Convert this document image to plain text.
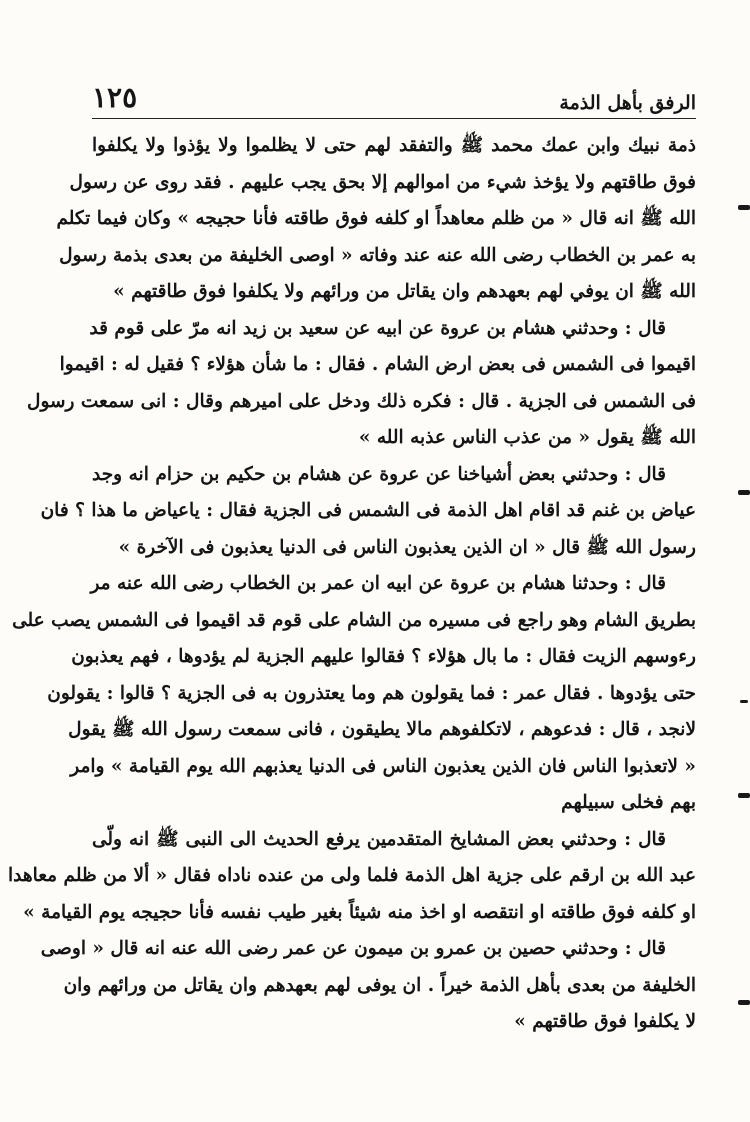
الرفق بأهل الذمة
١٢٥
ذمة نبيك وابن عمك محمد ﷺ والتفقد لهم حتى لا يظلموا ولا يؤذوا ولا يكلفوا
فوق طاقتهم ولا يؤخذ شيء من اموالهم إلا بحق يجب عليهم . فقد روى عن رسول
الله ﷺ انه قال « من ظلم معاهداً او كلفه فوق طاقته فأنا حجيجه » وكان فيما تكلم
به عمر بن الخطاب رضى الله عنه عند وفاته « اوصى الخليفة من بعدى بذمة رسول
الله ﷺ ان يوفي لهم بعهدهم وان يقاتل من ورائهم ولا يكلفوا فوق طاقتهم »
قال : وحدثني هشام بن عروة عن ابيه عن سعيد بن زيد انه مرّ على قوم قد
اقيموا فى الشمس فى بعض ارض الشام . فقال : ما شأن هؤلاء ؟ فقيل له : اقيموا
فى الشمس فى الجزية . قال : فكره ذلك ودخل على اميرهم وقال : انى سمعت رسول
الله ﷺ يقول « من عذب الناس عذبه الله »
قال : وحدثني بعض أشياخنا عن عروة عن هشام بن حكيم بن حزام انه وجد
عياض بن غنم قد اقام اهل الذمة فى الشمس فى الجزية فقال : ياعياض ما هذا ؟ فان
رسول الله ﷺ قال « ان الذين يعذبون الناس فى الدنيا يعذبون فى الآخرة »
قال : وحدثنا هشام بن عروة عن ابيه ان عمر بن الخطاب رضى الله عنه مر
بطريق الشام وهو راجع فى مسيره من الشام على قوم قد اقيموا فى الشمس يصب على
رءوسهم الزيت فقال : ما بال هؤلاء ؟ فقالوا عليهم الجزية لم يؤدوها ، فهم يعذبون
حتى يؤدوها . فقال عمر : فما يقولون هم وما يعتذرون به فى الجزية ؟ قالوا : يقولون
لانجد ، قال : فدعوهم ، لاتكلفوهم مالا يطيقون ، فانى سمعت رسول الله ﷺ يقول
« لاتعذبوا الناس فان الذين يعذبون الناس فى الدنيا يعذبهم الله يوم القيامة » وامر
بهم فخلى سبيلهم
قال : وحدثني بعض المشايخ المتقدمين يرفع الحديث الى النبى ﷺ انه ولّى
عبد الله بن ارقم على جزية اهل الذمة فلما ولى من عنده ناداه فقال « ألا من ظلم معاهدا
او كلفه فوق طاقته او انتقصه او اخذ منه شيئاً بغير طيب نفسه فأنا حجيجه يوم القيامة »
قال : وحدثني حصين بن عمرو بن ميمون عن عمر رضى الله عنه انه قال « اوصى
الخليفة من بعدى بأهل الذمة خيراً . ان يوفى لهم بعهدهم وان يقاتل من ورائهم وان
لا يكلفوا فوق طاقتهم »
